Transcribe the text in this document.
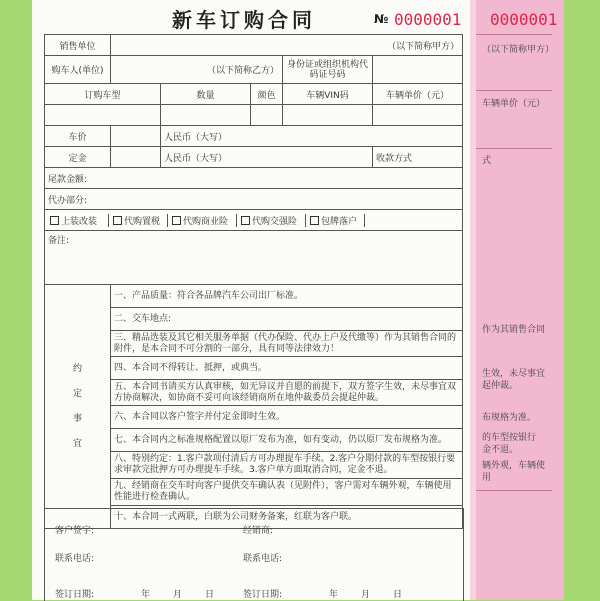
0000001
（以下简称甲方）
车辆单价（元）
式
作为其销售合同
生效，未尽事宜
起仲裁。
布规格为准。
的车型按银行
金不退。
辆外观，车辆使
用
新车订购合同	№ 0000001
销售单位	（以下简称甲方）				
购车人(单位)	（以下简称乙方）			身份证或组织机构代码证号码	
订购车型		数量	颜色	车辆VIN码	车辆单价（元）

车价		人民币（大写）			
定金		人民币（大写）			收款方式
尾款金额:					
代办部分:					
上装改装 代购置税 代购商业险 代购交强险 包牌落户					
备注:					

约
定
事
宜	一、产品质量：符合各品牌汽车公司出厂标准。				
	二、交车地点:				
	三、精品选装及其它相关服务单据（代办保险、代办上户及代缴等）作为其销售合同的附件，是本合同不可分割的一部分，具有同等法律效力！				
	四、本合同不得转让、抵押，或典当。				
	五、本合同书请买方认真审核，如无异议并自愿的前提下，双方签字生效，未尽事宜双方协商解决，如协商不妥可向该经销商所在地仲裁委员会提起仲裁。				
	六、本合同以客户签字并付定金即时生效。				
	七、本合同内之标准规格配置以原厂发布为准，如有变动，仍以原厂发布规格为准。				
	八、特别约定：1.客户款项付清后方可办理提车手续。2.客户分期付款的车型按银行要求审款完批押方可办理提车手续。3.客户单方面取消合同，定金不退。				
	九、经销商在交车时向客户提供交车确认表（见附件），客户需对车辆外观，车辆使用性能进行检查确认。				
	十、本合同一式两联，白联为公司财务备案，红联为客户联。				
客户签字:	经销商:
联系电话:	联系电话:
签订日期:	年	月	日	签订日期:	年	月	日
